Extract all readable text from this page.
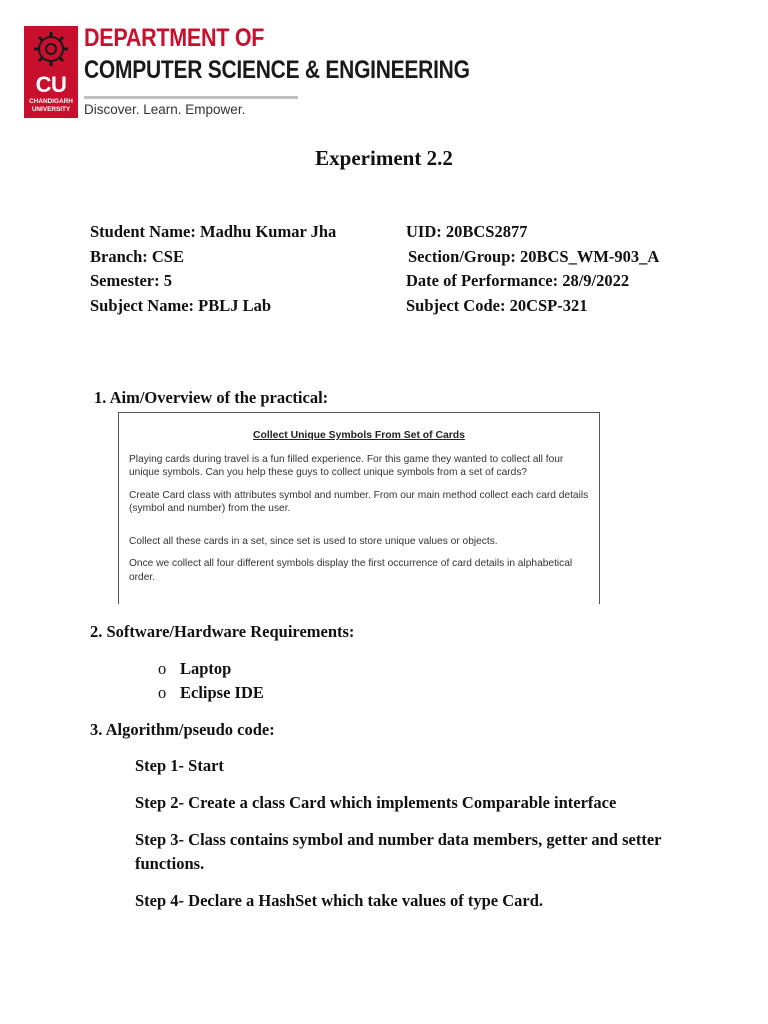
CU
CHANDIGARH UNIVERSITY
DEPARTMENT OF
COMPUTER SCIENCE & ENGINEERING
Discover. Learn. Empower.
Experiment 2.2
Student Name: Madhu Kumar Jha	UID: 20BCS2877
Branch: CSE	Section/Group: 20BCS_WM-903_A
Semester: 5	Date of Performance: 28/9/2022
Subject Name: PBLJ Lab	Subject Code: 20CSP-321
1. Aim/Overview of the practical:
Collect Unique Symbols From Set of Cards

Playing cards during travel is a fun filled experience. For this game they wanted to collect all four unique symbols. Can you help these guys to collect unique symbols from a set of cards?

Create Card class with attributes symbol and number. From our main method collect each card details (symbol and number) from the user.

Collect all these cards in a set, since set is used to store unique values or objects.

Once we collect all four different symbols display the first occurrence of card details in alphabetical order.

2. Software/Hardware Requirements:
o Laptop
o Eclipse IDE
3. Algorithm/pseudo code:
Step 1- Start
Step 2- Create a class Card which implements Comparable interface
Step 3- Class contains symbol and number data members, getter and setter functions.
Step 4- Declare a HashSet which take values of type Card.
